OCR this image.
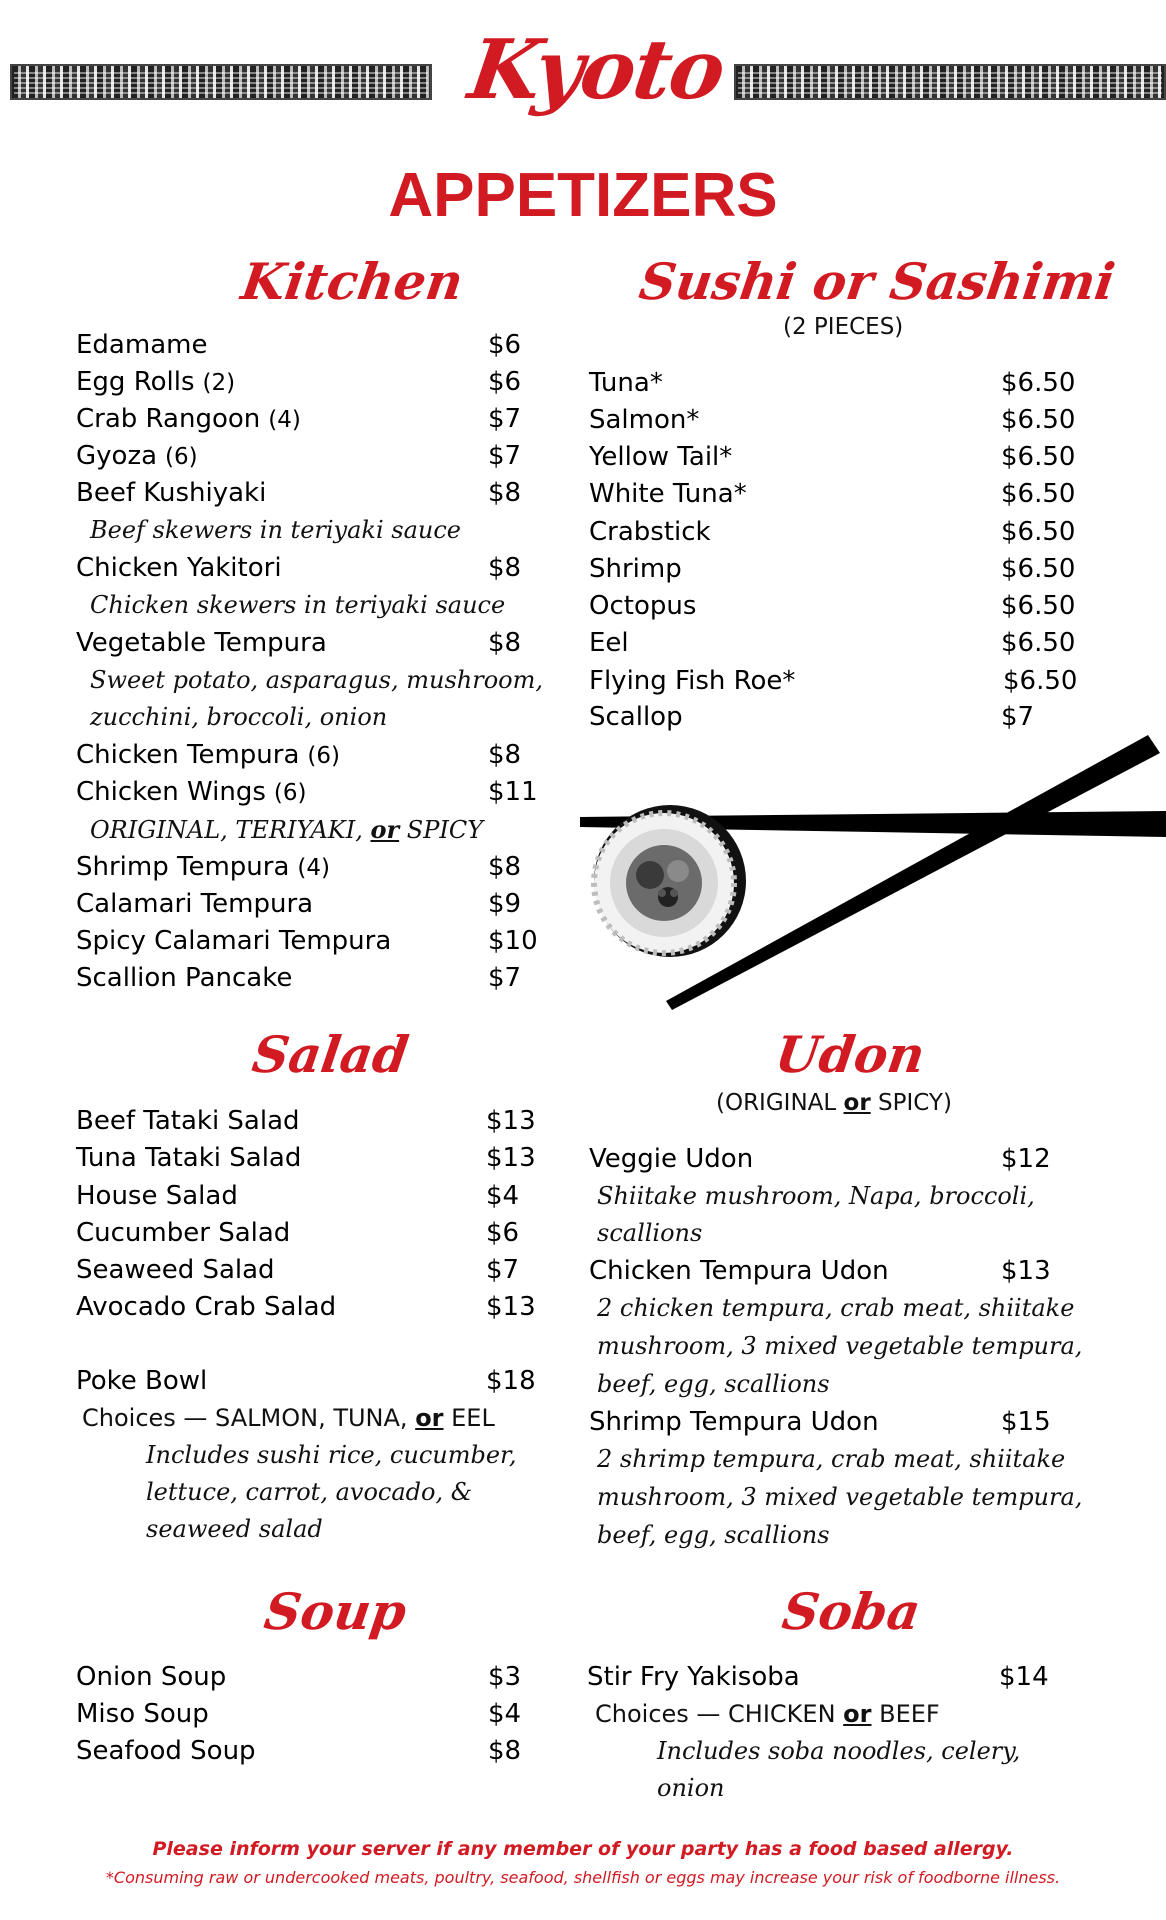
Kyoto
APPETIZERS
Kitchen
Edamame	$6
Egg Rolls (2)	$6
Crab Rangoon (4)	$7
Gyoza (6)	$7
Beef Kushiyaki	$8
Beef skewers in teriyaki sauce
Chicken Yakitori	$8
Chicken skewers in teriyaki sauce
Vegetable Tempura	$8
Sweet potato, asparagus, mushroom,
zucchini, broccoli, onion
Chicken Tempura (6)	$8
Chicken Wings (6)	$11
ORIGINAL, TERIYAKI, or SPICY
Shrimp Tempura (4)	$8
Calamari Tempura	$9
Spicy Calamari Tempura	$10
Scallion Pancake	$7
Sushi or Sashimi
(2 PIECES)
Tuna*	$6.50
Salmon*	$6.50
Yellow Tail*	$6.50
White Tuna*	$6.50
Crabstick	$6.50
Shrimp	$6.50
Octopus	$6.50
Eel	$6.50
Flying Fish Roe*	$6.50
Scallop	$7
Salad
Beef Tataki Salad	$13
Tuna Tataki Salad	$13
House Salad	$4
Cucumber Salad	$6
Seaweed Salad	$7
Avocado Crab Salad	$13
Poke Bowl	$18
Choices — SALMON, TUNA, or EEL
Includes sushi rice, cucumber,
lettuce, carrot, avocado, &
seaweed salad
Udon
(ORIGINAL or SPICY)
Veggie Udon	$12
Shiitake mushroom, Napa, broccoli,
scallions
Chicken Tempura Udon	$13
2 chicken tempura, crab meat, shiitake
mushroom, 3 mixed vegetable tempura,
beef, egg, scallions
Shrimp Tempura Udon	$15
2 shrimp tempura, crab meat, shiitake
mushroom, 3 mixed vegetable tempura,
beef, egg, scallions
Soup
Onion Soup	$3
Miso Soup	$4
Seafood Soup	$8
Soba
Stir Fry Yakisoba	$14
Choices — CHICKEN or BEEF
Includes soba noodles, celery,
onion
Please inform your server if any member of your party has a food based allergy.
*Consuming raw or undercooked meats, poultry, seafood, shellfish or eggs may increase your risk of foodborne illness.
